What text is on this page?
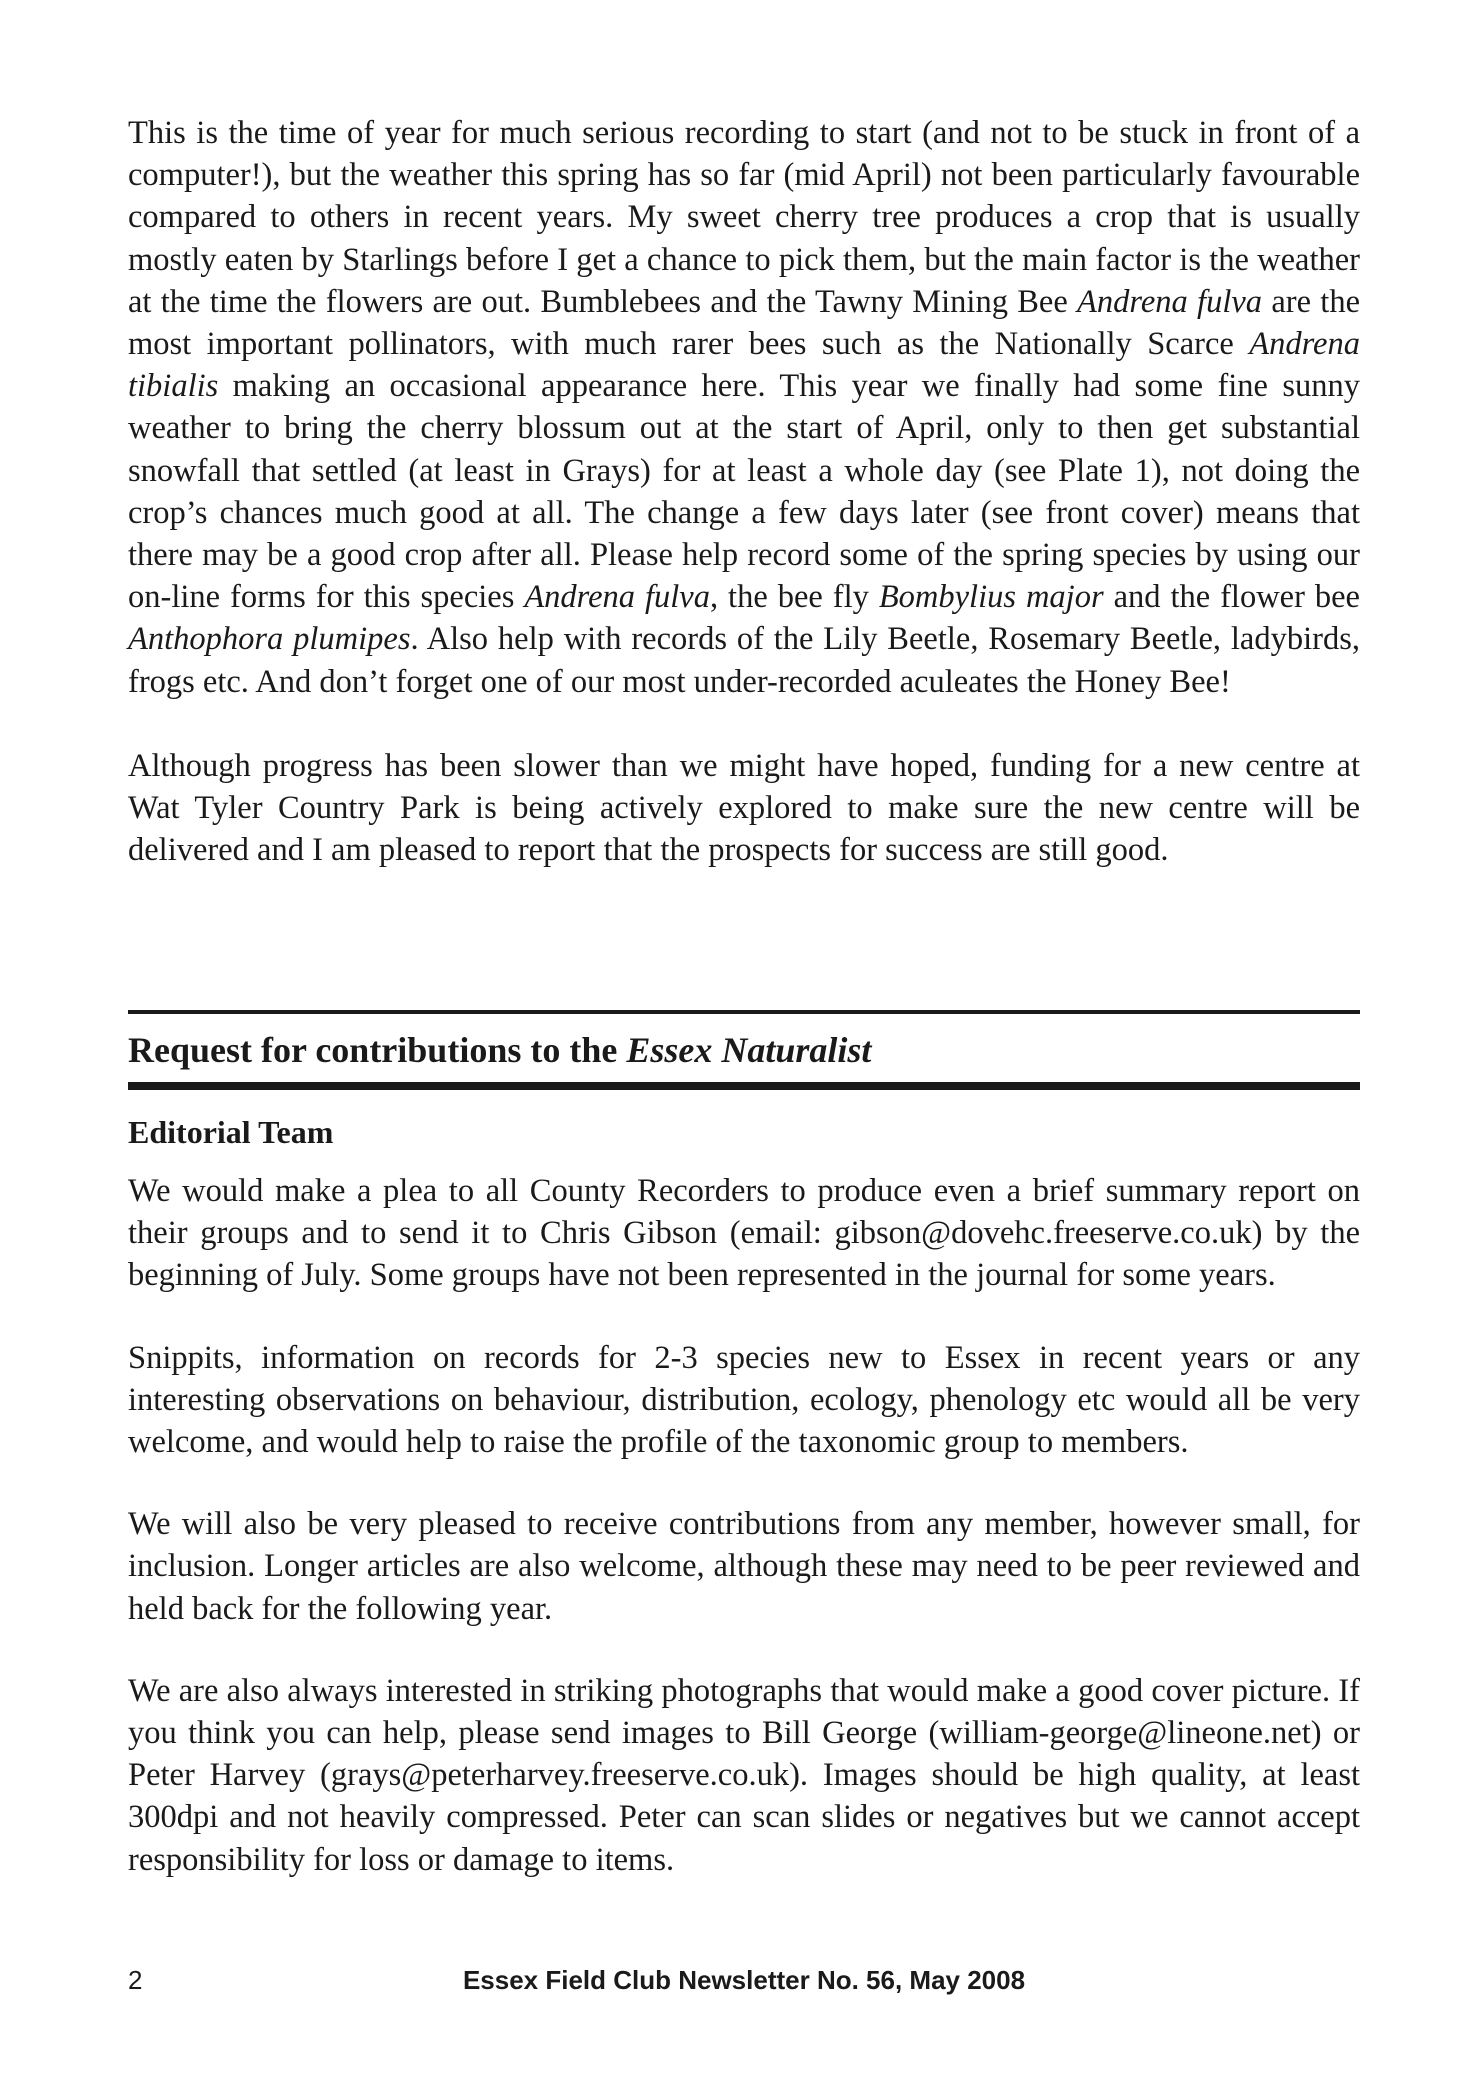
This is the time of year for much serious recording to start (and not to be stuck in front of a computer!), but the weather this spring has so far (mid April) not been particularly favourable compared to others in recent years. My sweet cherry tree produces a crop that is usually mostly eaten by Starlings before I get a chance to pick them, but the main factor is the weather at the time the flowers are out. Bumblebees and the Tawny Mining Bee Andrena fulva are the most important pollinators, with much rarer bees such as the Nationally Scarce Andrena tibialis making an occasional appearance here. This year we finally had some fine sunny weather to bring the cherry blossum out at the start of April, only to then get substantial snowfall that settled (at least in Grays) for at least a whole day (see Plate 1), not doing the crop’s chances much good at all. The change a few days later (see front cover) means that there may be a good crop after all. Please help record some of the spring species by using our on-line forms for this species Andrena fulva, the bee fly Bombylius major and the flower bee Anthophora plumipes. Also help with records of the Lily Beetle, Rosemary Beetle, ladybirds, frogs etc. And don’t forget one of our most under-recorded aculeates the Honey Bee!

Although progress has been slower than we might have hoped, funding for a new centre at Wat Tyler Country Park is being actively explored to make sure the new centre will be delivered and I am pleased to report that the prospects for success are still good.

Request for contributions to the Essex Naturalist
Editorial Team

We would make a plea to all County Recorders to produce even a brief summary report on their groups and to send it to Chris Gibson (email: gibson@dovehc.freeserve.co.uk) by the beginning of July. Some groups have not been represented in the journal for some years.

Snippits, information on records for 2-3 species new to Essex in recent years or any interesting observations on behaviour, distribution, ecology, phenology etc would all be very welcome, and would help to raise the profile of the taxonomic group to members.

We will also be very pleased to receive contributions from any member, however small, for inclusion. Longer articles are also welcome, although these may need to be peer reviewed and held back for the following year.

We are also always interested in striking photographs that would make a good cover picture. If you think you can help, please send images to Bill George (william-george@lineone.net) or Peter Harvey (grays@peterharvey.freeserve.co.uk). Images should be high quality, at least 300dpi and not heavily compressed. Peter can scan slides or negatives but we cannot accept responsibility for loss or damage to items.

2	Essex Field Club Newsletter No. 56, May 2008
